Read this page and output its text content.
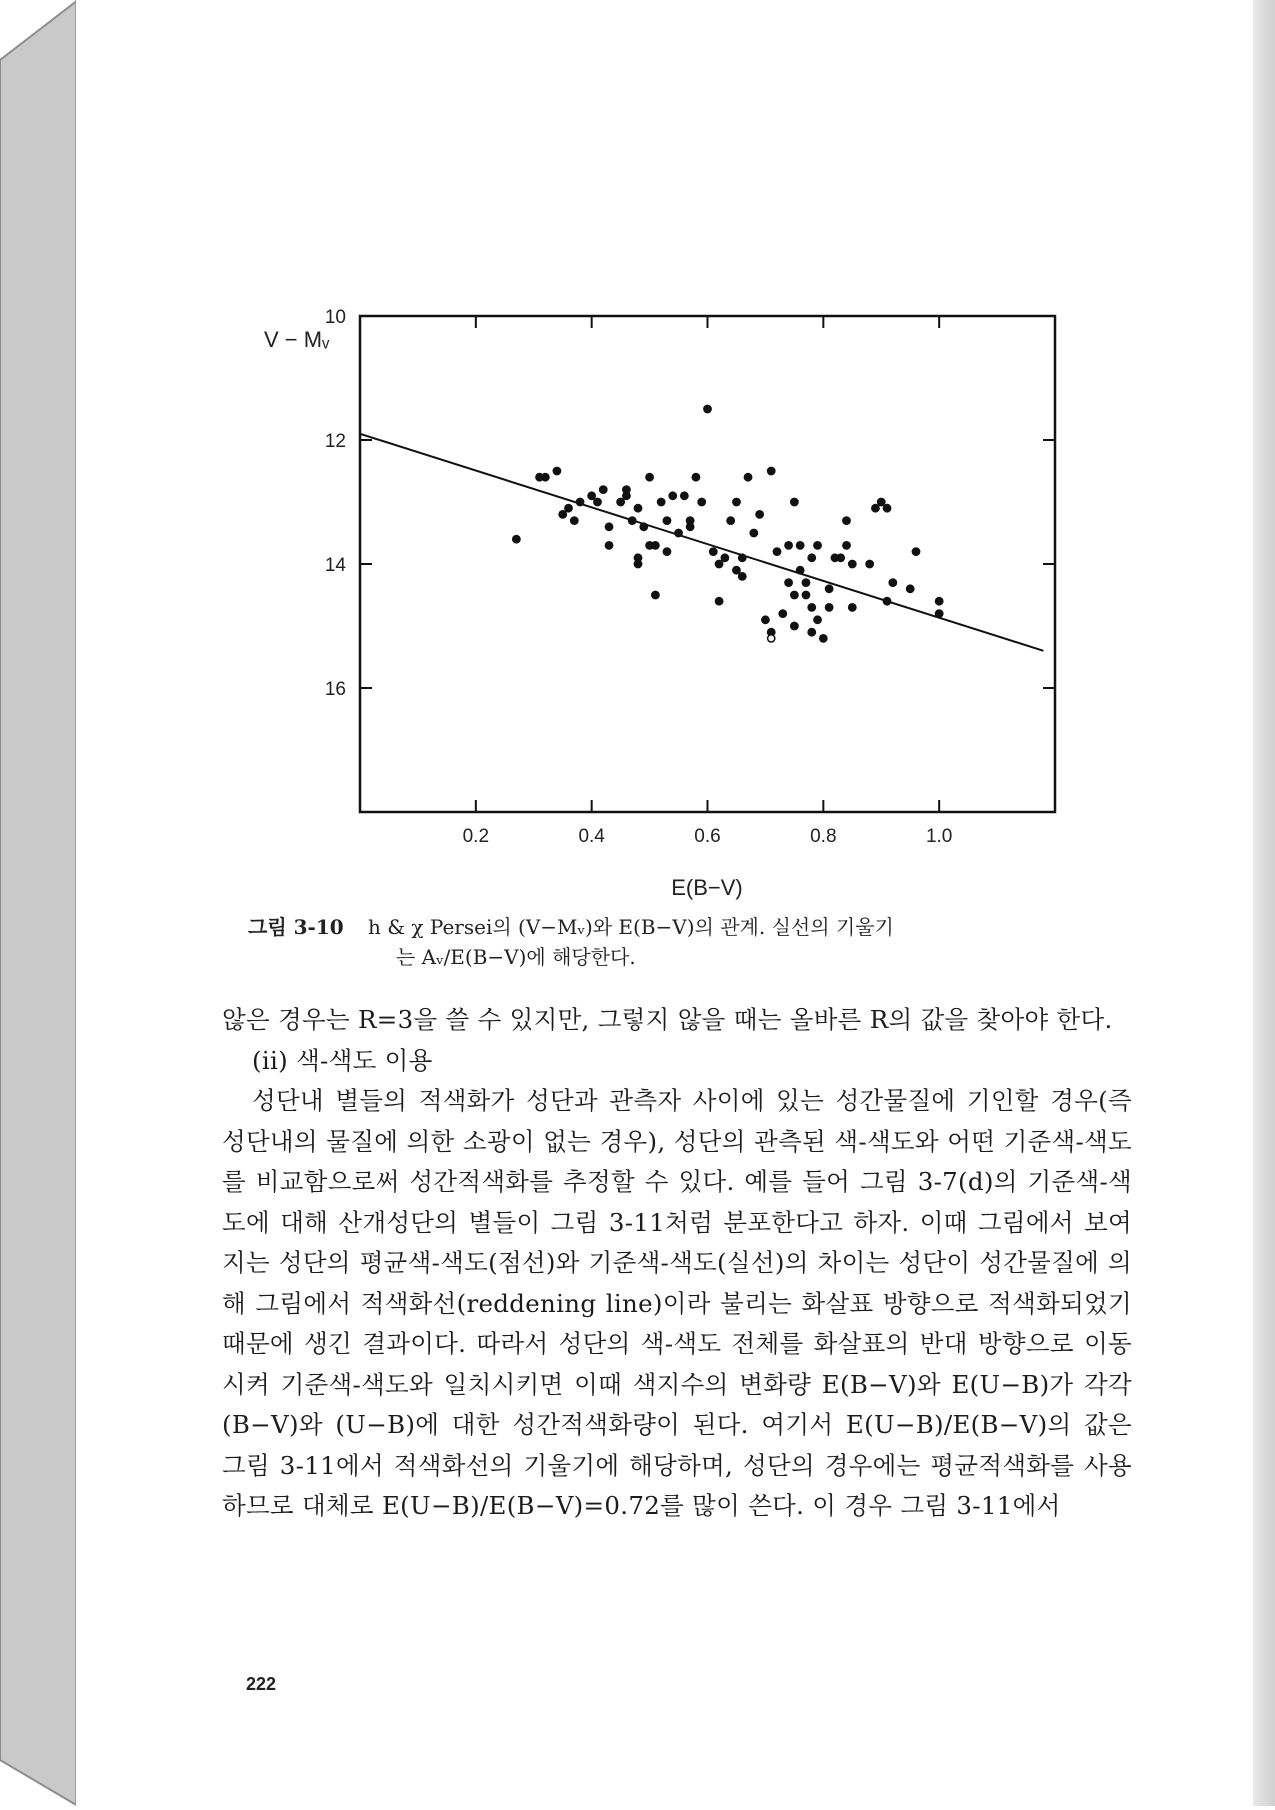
0.2	0.4	0.6	0.8	1.0
10
12
14
16
V − Mᵥ
E(B−V)
그림 3-10 h & χ Persei의 (V−Mᵥ)와 E(B−V)의 관계. 실선의 기울기
는 Aᵥ/E(B−V)에 해당한다.

않은 경우는 R=3을 쓸 수 있지만, 그렇지 않을 때는 올바른 R의 값을 찾아야 한다.

(ii) 색-색도 이용

성단내 별들의 적색화가 성단과 관측자 사이에 있는 성간물질에 기인할 경우(즉 성단내의 물질에 의한 소광이 없는 경우), 성단의 관측된 색-색도와 어떤 기준색-색도를 비교함으로써 성간적색화를 추정할 수 있다. 예를 들어 그림 3-7(d)의 기준색-색도에 대해 산개성단의 별들이 그림 3-11처럼 분포한다고 하자. 이때 그림에서 보여지는 성단의 평균색-색도(점선)와 기준색-색도(실선)의 차이는 성단이 성간물질에 의해 그림에서 적색화선(reddening line)이라 불리는 화살표 방향으로 적색화되었기 때문에 생긴 결과이다. 따라서 성단의 색-색도 전체를 화살표의 반대 방향으로 이동시켜 기준색-색도와 일치시키면 이때 색지수의 변화량 E(B−V)와 E(U−B)가 각각 (B−V)와 (U−B)에 대한 성간적색화량이 된다. 여기서 E(U−B)/E(B−V)의 값은 그림 3-11에서 적색화선의 기울기에 해당하며, 성단의 경우에는 평균적색화를 사용하므로 대체로 E(U−B)/E(B−V)=0.72를 많이 쓴다. 이 경우 그림 3-11에서

222
